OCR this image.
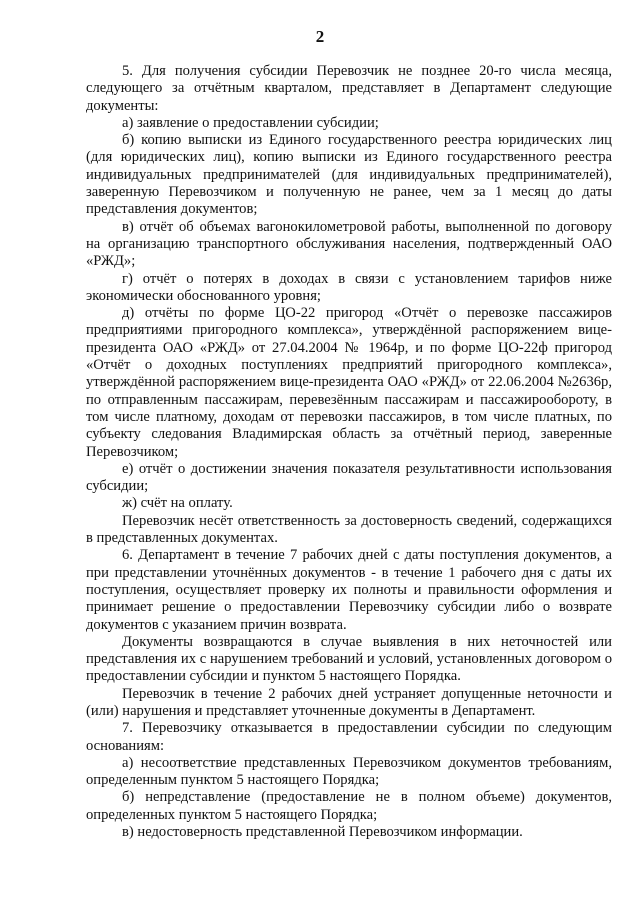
2

5. Для получения субсидии Перевозчик не позднее 20-го числа месяца, следующего за отчётным кварталом, представляет в Департамент следующие документы:

а) заявление о предоставлении субсидии;

б) копию выписки из Единого государственного реестра юридических лиц (для юридических лиц), копию выписки из Единого государственного реестра индивидуальных предпринимателей (для индивидуальных предпринимателей), заверенную Перевозчиком и полученную не ранее, чем за 1 месяц до даты представления документов;

в) отчёт об объемах вагонокилометровой работы, выполненной по договору на организацию транспортного обслуживания населения, подтвержденный ОАО «РЖД»;

г) отчёт о потерях в доходах в связи с установлением тарифов ниже экономически обоснованного уровня;

д) отчёты по форме ЦО-22 пригород «Отчёт о перевозке пассажиров предприятиями пригородного комплекса», утверждённой распоряжением вице-президента ОАО «РЖД» от 27.04.2004 № 1964р, и по форме ЦО-22ф пригород «Отчёт о доходных поступлениях предприятий пригородного комплекса», утверждённой распоряжением вице-президента ОАО «РЖД» от 22.06.2004 №2636р, по отправленным пассажирам, перевезённым пассажирам и пассажирообороту, в том числе платному, доходам от перевозки пассажиров, в том числе платных, по субъекту следования Владимирская область за отчётный период, заверенные Перевозчиком;

е) отчёт о достижении значения показателя результативности использования субсидии;

ж) счёт на оплату.

Перевозчик несёт ответственность за достоверность сведений, содержащихся в представленных документах.

6. Департамент в течение 7 рабочих дней с даты поступления документов, а при представлении уточнённых документов - в течение 1 рабочего дня с даты их поступления, осуществляет проверку их полноты и правильности оформления и принимает решение о предоставлении Перевозчику субсидии либо о возврате документов с указанием причин возврата.

Документы возвращаются в случае выявления в них неточностей или представления их с нарушением требований и условий, установленных договором о предоставлении субсидии и пунктом 5 настоящего Порядка.

Перевозчик в течение 2 рабочих дней устраняет допущенные неточности и (или) нарушения и представляет уточненные документы в Департамент.

7. Перевозчику отказывается в предоставлении субсидии по следующим основаниям:

а) несоответствие представленных Перевозчиком документов требованиям, определенным пунктом 5 настоящего Порядка;

б) непредставление (предоставление не в полном объеме) документов, определенных пунктом 5 настоящего Порядка;

в) недостоверность представленной Перевозчиком информации.
